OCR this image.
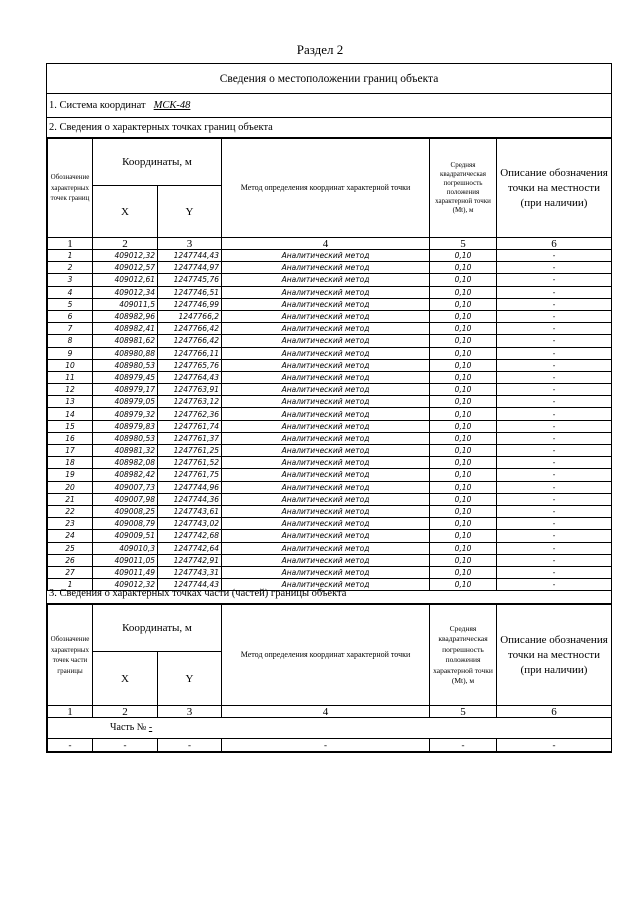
Раздел 2
Сведения о местоположении границ объекта
1. Система координат МСК-48
2. Сведения о характерных точках границ объекта
Обозначение характерных точек границ	Координаты, м		Метод определения координат характерной точки	Средняя квадратическая погрешность положения характерной точки (Mt), м	Описание обозначения точки на местности (при наличии)
	X	Y			
1	2	3	4	5	6
1	409012,32	1247744,43	Аналитический метод	0,10	-
2	409012,57	1247744,97	Аналитический метод	0,10	-
3	409012,61	1247745,76	Аналитический метод	0,10	-
4	409012,34	1247746,51	Аналитический метод	0,10	-
5	409011,5	1247746,99	Аналитический метод	0,10	-
6	408982,96	1247766,2	Аналитический метод	0,10	-
7	408982,41	1247766,42	Аналитический метод	0,10	-
8	408981,62	1247766,42	Аналитический метод	0,10	-
9	408980,88	1247766,11	Аналитический метод	0,10	-
10	408980,53	1247765,76	Аналитический метод	0,10	-
11	408979,45	1247764,43	Аналитический метод	0,10	-
12	408979,17	1247763,91	Аналитический метод	0,10	-
13	408979,05	1247763,12	Аналитический метод	0,10	-
14	408979,32	1247762,36	Аналитический метод	0,10	-
15	408979,83	1247761,74	Аналитический метод	0,10	-
16	408980,53	1247761,37	Аналитический метод	0,10	-
17	408981,32	1247761,25	Аналитический метод	0,10	-
18	408982,08	1247761,52	Аналитический метод	0,10	-
19	408982,42	1247761,75	Аналитический метод	0,10	-
20	409007,73	1247744,96	Аналитический метод	0,10	-
21	409007,98	1247744,36	Аналитический метод	0,10	-
22	409008,25	1247743,61	Аналитический метод	0,10	-
23	409008,79	1247743,02	Аналитический метод	0,10	-
24	409009,51	1247742,68	Аналитический метод	0,10	-
25	409010,3	1247742,64	Аналитический метод	0,10	-
26	409011,05	1247742,91	Аналитический метод	0,10	-
27	409011,49	1247743,31	Аналитический метод	0,10	-
1	409012,32	1247744,43	Аналитический метод	0,10	-
3. Сведения о характерных точках части (частей) границы объекта
Обозначение характерных точек части границы	Координаты, м		Метод определения координат характерной точки	Средняя квадратическая погрешность положения характерной точки (Mt), м	Описание обозначения точки на местности (при наличии)
	X	Y			
1	2	3	4	5	6
Часть № -					
-	-	-	-	-	-
